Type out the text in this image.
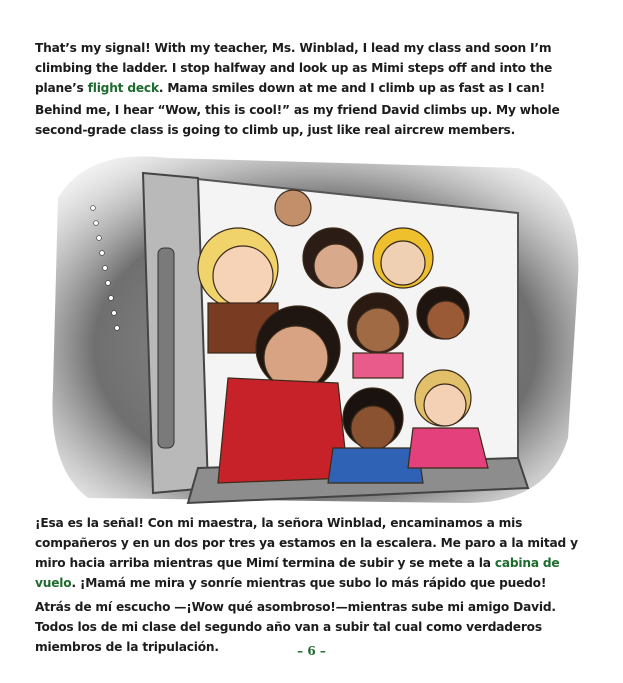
That’s my signal! With my teacher, Ms. Winblad, I lead my class and soon I’m climbing the ladder. I stop halfway and look up as Mimi steps off and into the plane’s flight deck. Mama smiles down at me and I climb up as fast as I can!

Behind me, I hear “Wow, this is cool!” as my friend David climbs up. My whole second-grade class is going to climb up, just like real aircrew members.

¡Esa es la señal! Con mi maestra, la señora Winblad, encaminamos a mis compañeros y en un dos por tres ya estamos en la escalera. Me paro a la mitad y miro hacia arriba mientras que Mimí termina de subir y se mete a la cabina de vuelo. ¡Mamá me mira y sonríe mientras que subo lo más rápido que puedo!

Atrás de mí escucho —¡Wow qué asombroso!—mientras sube mi amigo David. Todos los de mi clase del segundo año van a subir tal cual como verdaderos miembros de la tripulación.	– 6 –
